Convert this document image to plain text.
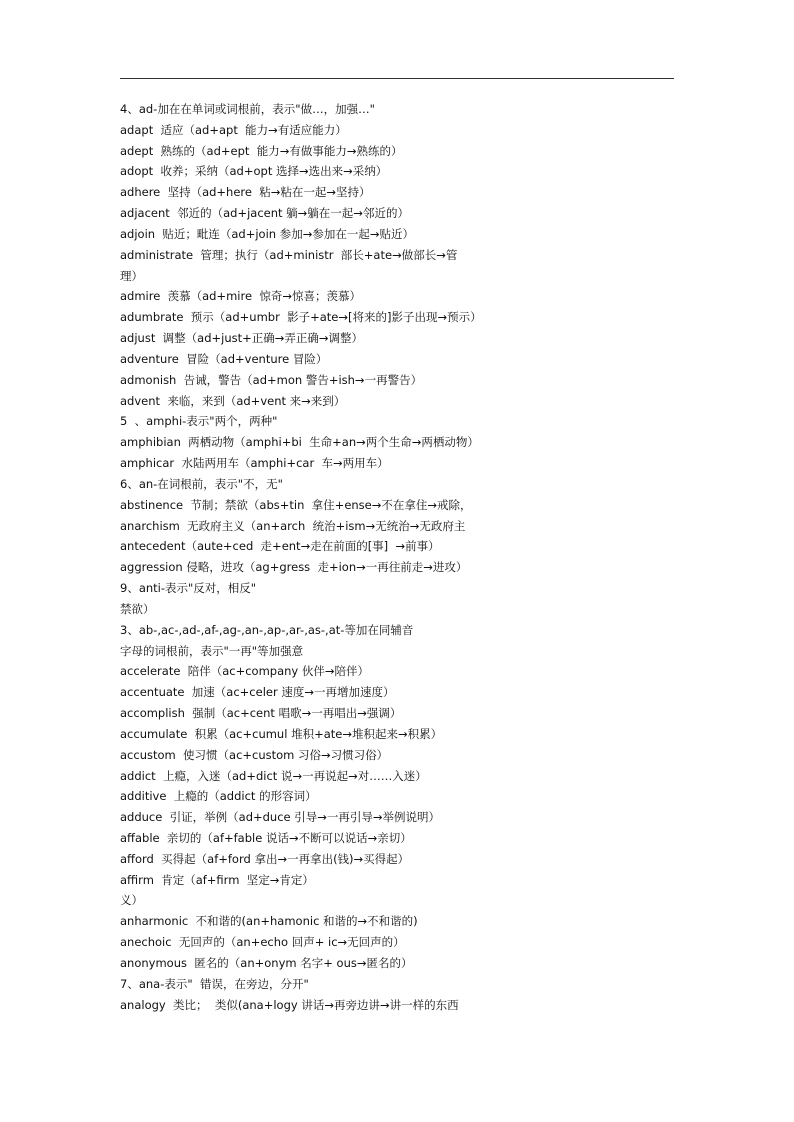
4、ad-加在在单词或词根前，表示"做…，加强…"
adapt  适应（ad+apt  能力→有适应能力）
adept  熟练的（ad+ept  能力→有做事能力→熟练的）
adopt  收养；采纳（ad+opt 选择→选出来→采纳）
adhere  坚持（ad+here  粘→粘在一起→坚持）
adjacent  邻近的（ad+jacent 躺→躺在一起→邻近的）
adjoin  贴近；毗连（ad+join 参加→参加在一起→贴近）
administrate  管理；执行（ad+ministr  部长+ate→做部长→管
理）
admire  羡慕（ad+mire  惊奇→惊喜；羡慕）
adumbrate  预示（ad+umbr  影子+ate→[将来的]影子出现→预示）
adjust  调整（ad+just+正确→弄正确→调整）
adventure  冒险（ad+venture 冒险）
admonish  告诫，警告（ad+mon 警告+ish→一再警告）
advent  来临，来到（ad+vent 来→来到）
5  、amphi-表示"两个，两种"
amphibian  两栖动物（amphi+bi  生命+an→两个生命→两栖动物）
amphicar  水陆两用车（amphi+car  车→两用车）
6、an-在词根前，表示"不，无"
abstinence  节制；禁欲（abs+tin  拿住+ense→不在拿住→戒除，
anarchism  无政府主义（an+arch  统治+ism→无统治→无政府主
antecedent（aute+ced  走+ent→走在前面的[事]  →前事）
aggression 侵略，进攻（ag+gress  走+ion→一再往前走→进攻）
9、anti-表示"反对，相反"
禁欲）
3、ab-,ac-,ad-,af-,ag-,an-,ap-,ar-,as-,at-等加在同辅音
字母的词根前，表示"一再"等加强意
accelerate  陪伴（ac+company 伙伴→陪伴）
accentuate  加速（ac+celer 速度→一再增加速度）
accomplish  强制（ac+cent 唱歌→一再唱出→强调）
accumulate  积累（ac+cumul 堆积+ate→堆积起来→积累）
accustom  使习惯（ac+custom 习俗→习惯习俗）
addict  上瘾，入迷（ad+dict 说→一再说起→对……入迷）
additive  上瘾的（addict 的形容词）
adduce  引证，举例（ad+duce 引导→一再引导→举例说明）
affable  亲切的（af+fable 说话→不断可以说话→亲切）
afford  买得起（af+ford 拿出→一再拿出(钱)→买得起）
affirm  肯定（af+firm  坚定→肯定）
义）
anharmonic  不和谐的(an+hamonic 和谐的→不和谐的)
anechoic  无回声的（an+echo 回声+ ic→无回声的）
anonymous  匿名的（an+onym 名字+ ous→匿名的）
7、ana-表示"  错误，在旁边，分开"
analogy  类比；  类似(ana+logy 讲话→再旁边讲→讲一样的东西
